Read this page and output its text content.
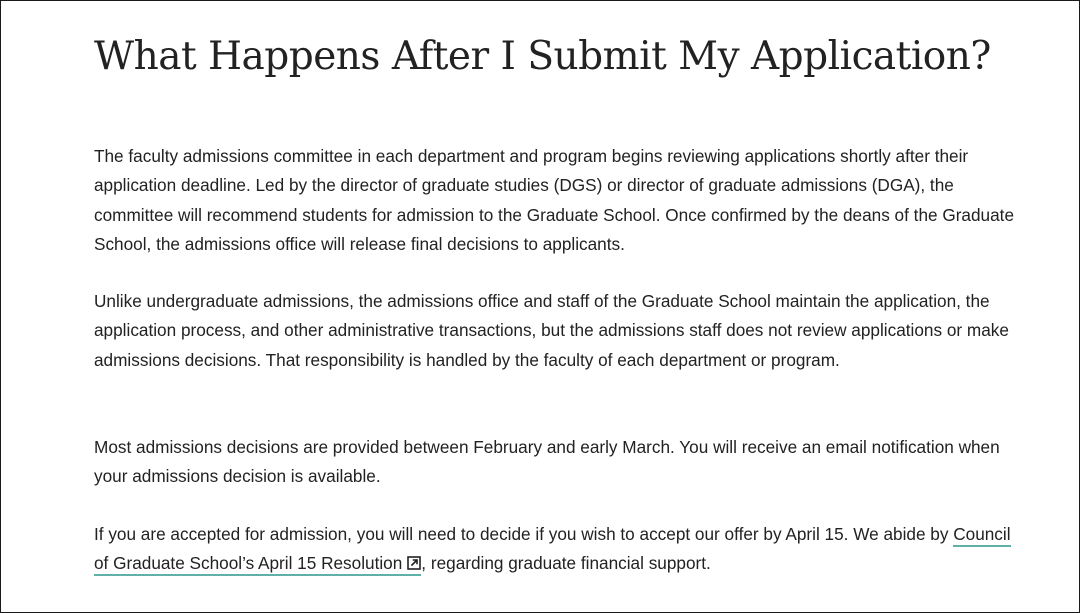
What Happens After I Submit My Application?

The faculty admissions committee in each department and program begins reviewing applications shortly after their application deadline. Led by the director of graduate studies (DGS) or director of graduate admissions (DGA), the committee will recommend students for admission to the Graduate School. Once confirmed by the deans of the Graduate School, the admissions office will release final decisions to applicants.

Unlike undergraduate admissions, the admissions office and staff of the Graduate School maintain the application, the application process, and other administrative transactions, but the admissions staff does not review applications or make admissions decisions. That responsibility is handled by the faculty of each department or program.

Most admissions decisions are provided between February and early March. You will receive an email notification when your admissions decision is available.

If you are accepted for admission, you will need to decide if you wish to accept our offer by April 15. We abide by Council of Graduate School’s April 15 Resolution , regarding graduate financial support.
